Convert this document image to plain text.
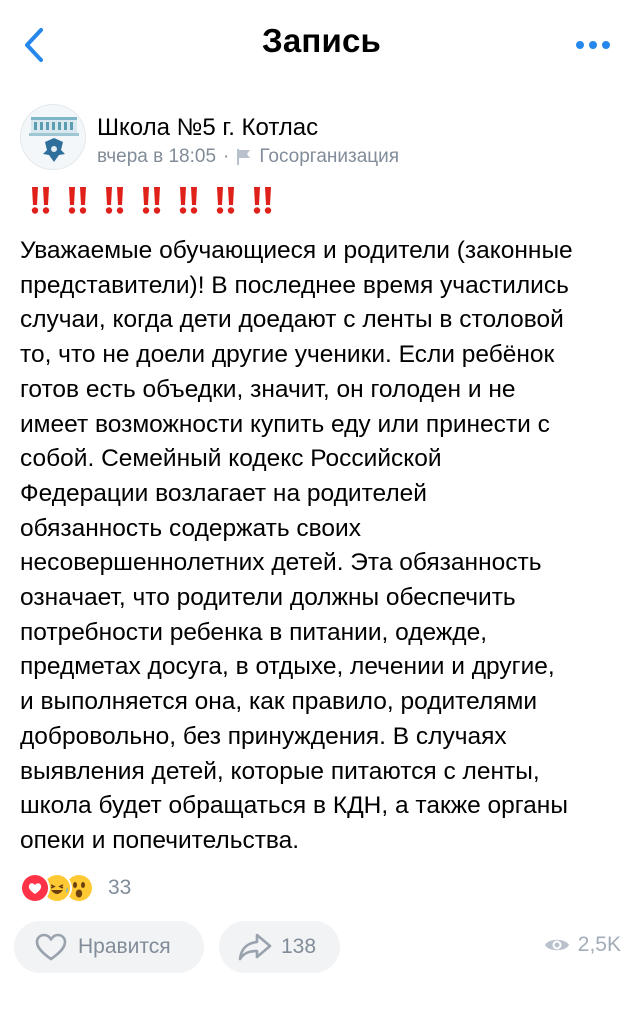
Запись
Школа №5 г. Котлас
вчера в 18:05 · Госорганизация
Уважаемые обучающиеся и родители (законные
представители)! В последнее время участились
случаи, когда дети доедают с ленты в столовой
то, что не доели другие ученики. Если ребёнок
готов есть объедки, значит, он голоден и не
имеет возможности купить еду или принести с
собой. Семейный кодекс Российской
Федерации возлагает на родителей
обязанность содержать своих
несовершеннолетних детей. Эта обязанность
означает, что родители должны обеспечить
потребности ребенка в питании, одежде,
предметах досуга, в отдыхе, лечении и другие,
и выполняется она, как правило, родителями
добровольно, без принуждения. В случаях
выявления детей, которые питаются с ленты,
школа будет обращаться в КДН, а также органы
опеки и попечительства.
33
Нравится	138	2,5K
